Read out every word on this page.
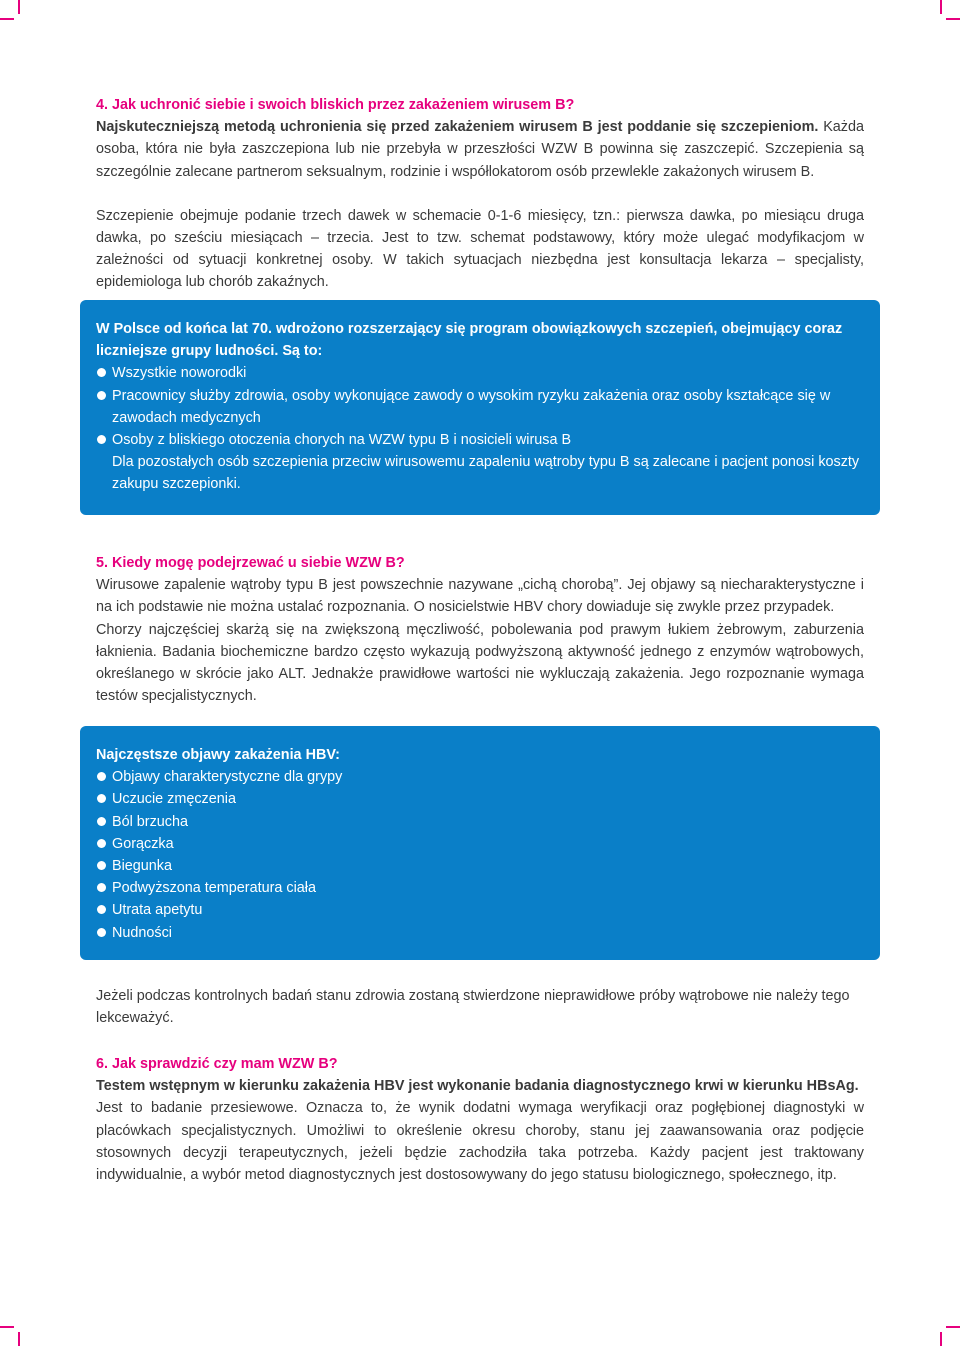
4. Jak uchronić siebie i swoich bliskich przez zakażeniem wirusem B?

Najskuteczniejszą metodą uchronienia się przed zakażeniem wirusem B jest poddanie się szczepieniom. Każda osoba, która nie była zaszczepiona lub nie przebyła w przeszłości WZW B powinna się zaszczepić. Szczepienia są szczególnie zalecane partnerom seksualnym, rodzinie i współlokatorom osób przewlekle zakażonych wirusem B.

Szczepienie obejmuje podanie trzech dawek w schemacie 0-1-6 miesięcy, tzn.: pierwsza dawka, po miesiącu druga dawka, po sześciu miesiącach – trzecia. Jest to tzw. schemat podstawowy, który może ulegać modyfikacjom w zależności od sytuacji konkretnej osoby. W takich sytuacjach niezbędna jest konsultacja lekarza – specjalisty, epidemiologa lub chorób zakaźnych.

W Polsce od końca lat 70. wdrożono rozszerzający się program obowiązkowych szczepień, obejmujący coraz liczniejsze grupy ludności. Są to:

Wszystkie noworodki
Pracownicy służby zdrowia, osoby wykonujące zawody o wysokim ryzyku zakażenia oraz osoby kształcące się w zawodach medycznych
Osoby z bliskiego otoczenia chorych na WZW typu B i nosicieli wirusa B

Dla pozostałych osób szczepienia przeciw wirusowemu zapaleniu wątroby typu B są zalecane i pacjent ponosi koszty zakupu szczepionki.

5. Kiedy mogę podejrzewać u siebie WZW B?

Wirusowe zapalenie wątroby typu B jest powszechnie nazywane „cichą chorobą”. Jej objawy są niecharakterystyczne i na ich podstawie nie można ustalać rozpoznania. O nosicielstwie HBV chory dowiaduje się zwykle przez przypadek.

Chorzy najczęściej skarżą się na zwiększoną męczliwość, pobolewania pod prawym łukiem żebrowym, zaburzenia łaknienia. Badania biochemiczne bardzo często wykazują podwyższoną aktywność jednego z enzymów wątrobowych, określanego w skrócie jako ALT. Jednakże prawidłowe wartości nie wykluczają zakażenia. Jego rozpoznanie wymaga testów specjalistycznych.

Najczęstsze objawy zakażenia HBV:

Objawy charakterystyczne dla grypy
Uczucie zmęczenia
Ból brzucha
Gorączka
Biegunka
Podwyższona temperatura ciała
Utrata apetytu
Nudności

Jeżeli podczas kontrolnych badań stanu zdrowia zostaną stwierdzone nieprawidłowe próby wątrobowe nie należy tego lekceważyć.

6. Jak sprawdzić czy mam WZW B?

Testem wstępnym w kierunku zakażenia HBV jest wykonanie badania diagnostycznego krwi w kierunku HBsAg.

Jest to badanie przesiewowe. Oznacza to, że wynik dodatni wymaga weryfikacji oraz pogłębionej diagnostyki w placówkach specjalistycznych. Umożliwi to określenie okresu choroby, stanu jej zaawansowania oraz podjęcie stosownych decyzji terapeutycznych, jeżeli będzie zachodziła taka potrzeba. Każdy pacjent jest traktowany indywidualnie, a wybór metod diagnostycznych jest dostosowywany do jego statusu biologicznego, społecznego, itp.
